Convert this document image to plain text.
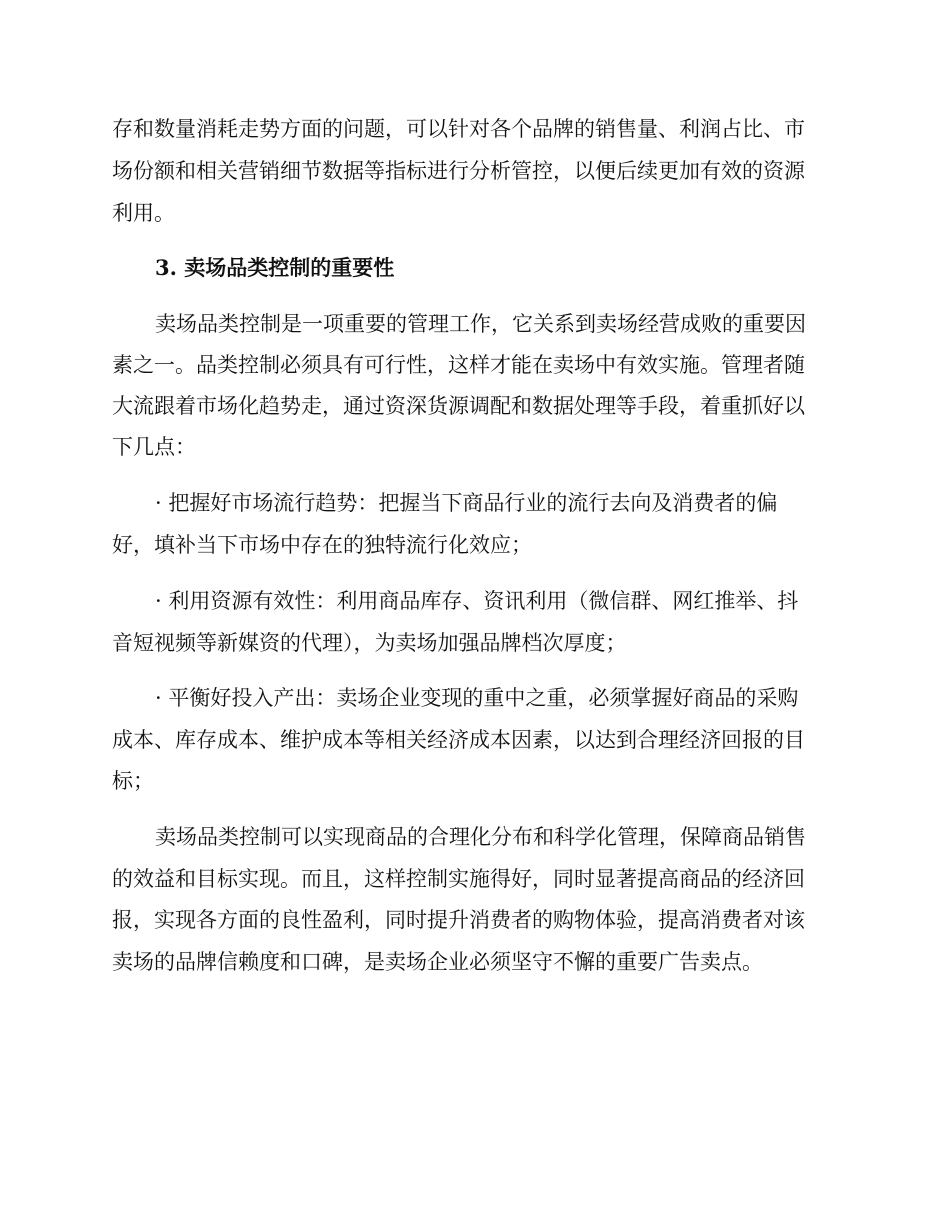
存和数量消耗走势方面的问题，可以针对各个品牌的销售量、利润占比、市
场份额和相关营销细节数据等指标进行分析管控，以便后续更加有效的资源
利用。
3. 卖场品类控制的重要性
卖场品类控制是一项重要的管理工作，它关系到卖场经营成败的重要因
素之一。品类控制必须具有可行性，这样才能在卖场中有效实施。管理者随
大流跟着市场化趋势走，通过资深货源调配和数据处理等手段，着重抓好以
下几点：
· 把握好市场流行趋势：把握当下商品行业的流行去向及消费者的偏
好，填补当下市场中存在的独特流行化效应；
· 利用资源有效性：利用商品库存、资讯利用（微信群、网红推举、抖
音短视频等新媒资的代理），为卖场加强品牌档次厚度；
· 平衡好投入产出：卖场企业变现的重中之重，必须掌握好商品的采购
成本、库存成本、维护成本等相关经济成本因素，以达到合理经济回报的目
标；
卖场品类控制可以实现商品的合理化分布和科学化管理，保障商品销售
的效益和目标实现。而且，这样控制实施得好，同时显著提高商品的经济回
报，实现各方面的良性盈利，同时提升消费者的购物体验，提高消费者对该
卖场的品牌信赖度和口碑，是卖场企业必须坚守不懈的重要广告卖点。
